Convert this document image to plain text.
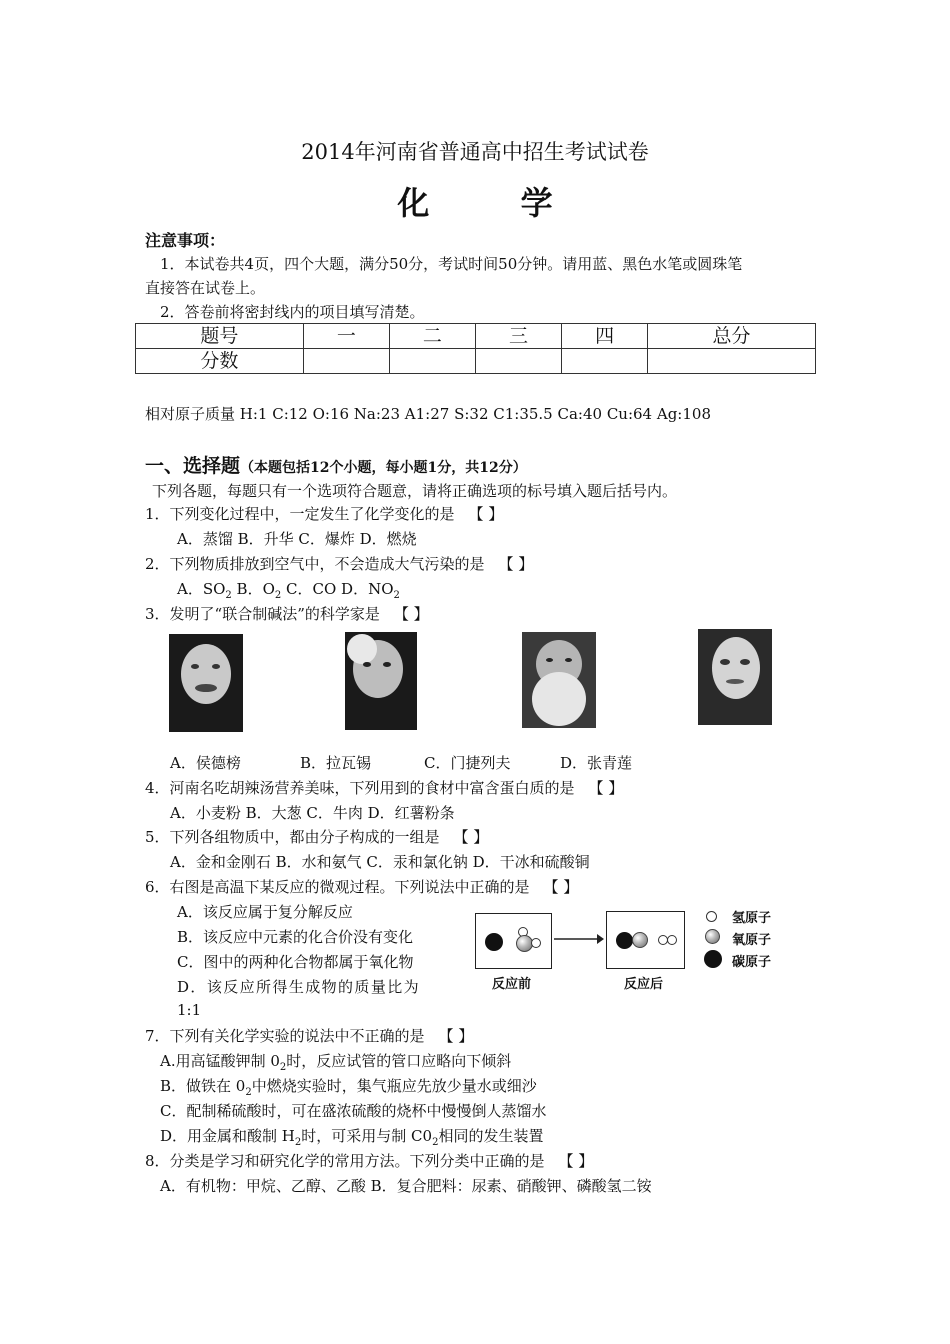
2014年河南省普通高中招生考试试卷
化 学
注意事项：
1．本试卷共4页，四个大题，满分50分，考试时间50分钟。请用蓝、黑色水笔或圆珠笔
直接答在试卷上。
2．答卷前将密封线内的项目填写清楚。
题号	一	二	三	四	总分
分数					
相对原子质量 H:1 C:12 O:16 Na:23 A1:27 S:32 C1:35.5 Ca:40 Cu:64 Ag:108
一、选择题（本题包括12个小题，每小题1分，共12分）
下列各题，每题只有一个选项符合题意，请将正确选项的标号填入题后括号内。
1．下列变化过程中，一定发生了化学变化的是 【 】
A．蒸馏 B．升华 C．爆炸 D．燃烧
2．下列物质排放到空气中，不会造成大气污染的是 【 】
A．$SO_2$ B．$O_2$ C．CO D．$NO_2$
3．发明了“联合制碱法”的科学家是 【 】
A．侯德榜	B．拉瓦锡	C．门捷列夫	D．张青莲
4．河南名吃胡辣汤营养美味，下列用到的食材中富含蛋白质的是 【 】
A．小麦粉 B．大葱 C．牛肉 D．红薯粉条
5．下列各组物质中，都由分子构成的一组是 【 】
A．金和金刚石 B．水和氨气 C．汞和氯化钠 D．干冰和硫酸铜
6．右图是高温下某反应的微观过程。下列说法中正确的是 【 】
A．该反应属于复分解反应
B．该反应中元素的化合价没有变化
C．图中的两种化合物都属于氧化物
D．该反应所得生成物的质量比为
1:1
反应前	反应后
氢原子
氧原子
碳原子
7．下列有关化学实验的说法中不正确的是 【 】
A.用高锰酸钾制 $0_2$时，反应试管的管口应略向下倾斜
B．做铁在 $0_2$中燃烧实验时，集气瓶应先放少量水或细沙
C．配制稀硫酸时，可在盛浓硫酸的烧杯中慢慢倒人蒸馏水
D．用金属和酸制 $H_2$时，可采用与制 $C0_2$相同的发生装置
8．分类是学习和研究化学的常用方法。下列分类中正确的是 【 】
A．有机物：甲烷、乙醇、乙酸 B．复合肥料：尿素、硝酸钾、磷酸氢二铵
